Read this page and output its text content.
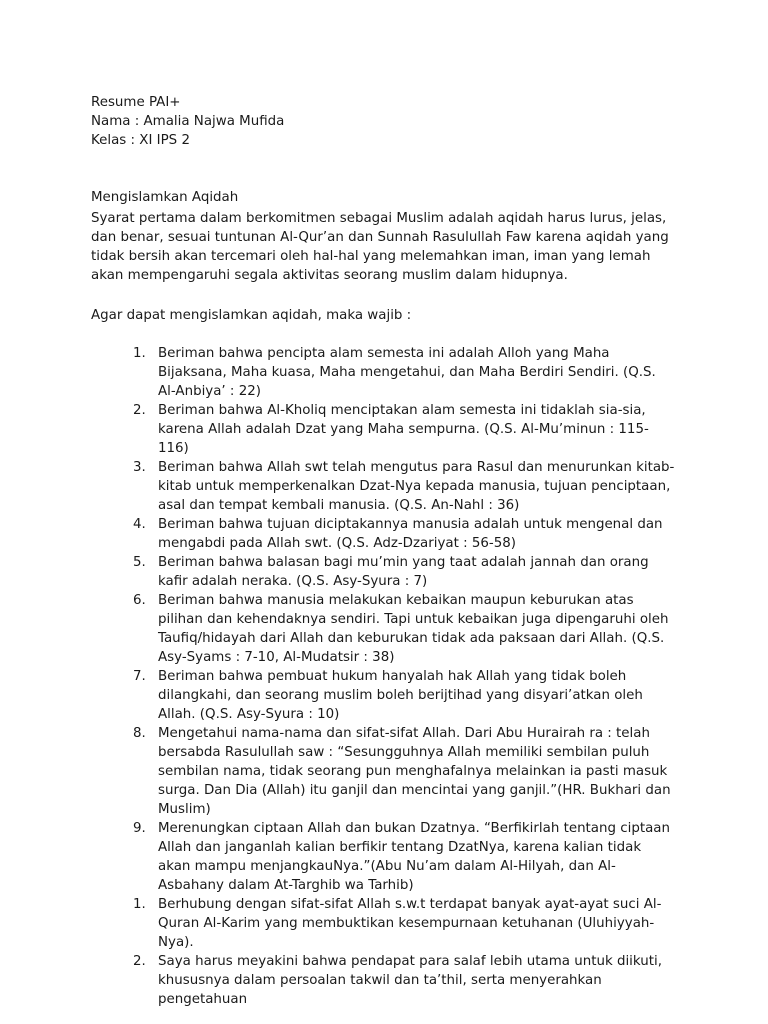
Resume PAI+
Nama : Amalia Najwa Mufida
Kelas : XI IPS 2
Mengislamkan Aqidah
Syarat pertama dalam berkomitmen sebagai Muslim adalah aqidah harus lurus, jelas, dan benar, sesuai tuntunan Al-Qur’an dan Sunnah Rasulullah Faw karena aqidah yang tidak bersih akan tercemari oleh hal-hal yang melemahkan iman, iman yang lemah akan mempengaruhi segala aktivitas seorang muslim dalam hidupnya.
Agar dapat mengislamkan aqidah, maka wajib :
1. Beriman bahwa pencipta alam semesta ini adalah Alloh yang Maha Bijaksana, Maha kuasa, Maha mengetahui, dan Maha Berdiri Sendiri. (Q.S. Al-Anbiya’ : 22)
2. Beriman bahwa Al-Kholiq menciptakan alam semesta ini tidaklah sia-sia, karena Allah adalah Dzat yang Maha sempurna. (Q.S. Al-Mu’minun : 115-116)
3. Beriman bahwa Allah swt telah mengutus para Rasul dan menurunkan kitab-kitab untuk memperkenalkan Dzat-Nya kepada manusia, tujuan penciptaan, asal dan tempat kembali manusia. (Q.S. An-Nahl : 36)
4. Beriman bahwa tujuan diciptakannya manusia adalah untuk mengenal dan mengabdi pada Allah swt. (Q.S. Adz-Dzariyat : 56-58)
5. Beriman bahwa balasan bagi mu’min yang taat adalah jannah dan orang kafir adalah neraka. (Q.S. Asy-Syura : 7)
6. Beriman bahwa manusia melakukan kebaikan maupun keburukan atas pilihan dan kehendaknya sendiri. Tapi untuk kebaikan juga dipengaruhi oleh Taufiq/hidayah dari Allah dan keburukan tidak ada paksaan dari Allah. (Q.S. Asy-Syams : 7-10, Al-Mudatsir : 38)
7. Beriman bahwa pembuat hukum hanyalah hak Allah yang tidak boleh dilangkahi, dan seorang muslim boleh berijtihad yang disyari’atkan oleh Allah. (Q.S. Asy-Syura : 10)
8. Mengetahui nama-nama dan sifat-sifat Allah. Dari Abu Hurairah ra : telah bersabda Rasulullah saw : “Sesungguhnya Allah memiliki sembilan puluh sembilan nama, tidak seorang pun menghafalnya melainkan ia pasti masuk surga. Dan Dia (Allah) itu ganjil dan mencintai yang ganjil.”(HR. Bukhari dan Muslim)
9. Merenungkan ciptaan Allah dan bukan Dzatnya. “Berfikirlah tentang ciptaan Allah dan janganlah kalian berfikir tentang DzatNya, karena kalian tidak akan mampu menjangkauNya.”(Abu Nu’am dalam Al-Hilyah, dan Al-Asbahany dalam At-Targhib wa Tarhib)
1. Berhubung dengan sifat-sifat Allah s.w.t terdapat banyak ayat-ayat suci Al-Quran Al-Karim yang membuktikan kesempurnaan ketuhanan (Uluhiyyah-Nya).
2. Saya harus meyakini bahwa pendapat para salaf lebih utama untuk diikuti, khususnya dalam persoalan takwil dan ta’thil, serta menyerahkan pengetahuan
